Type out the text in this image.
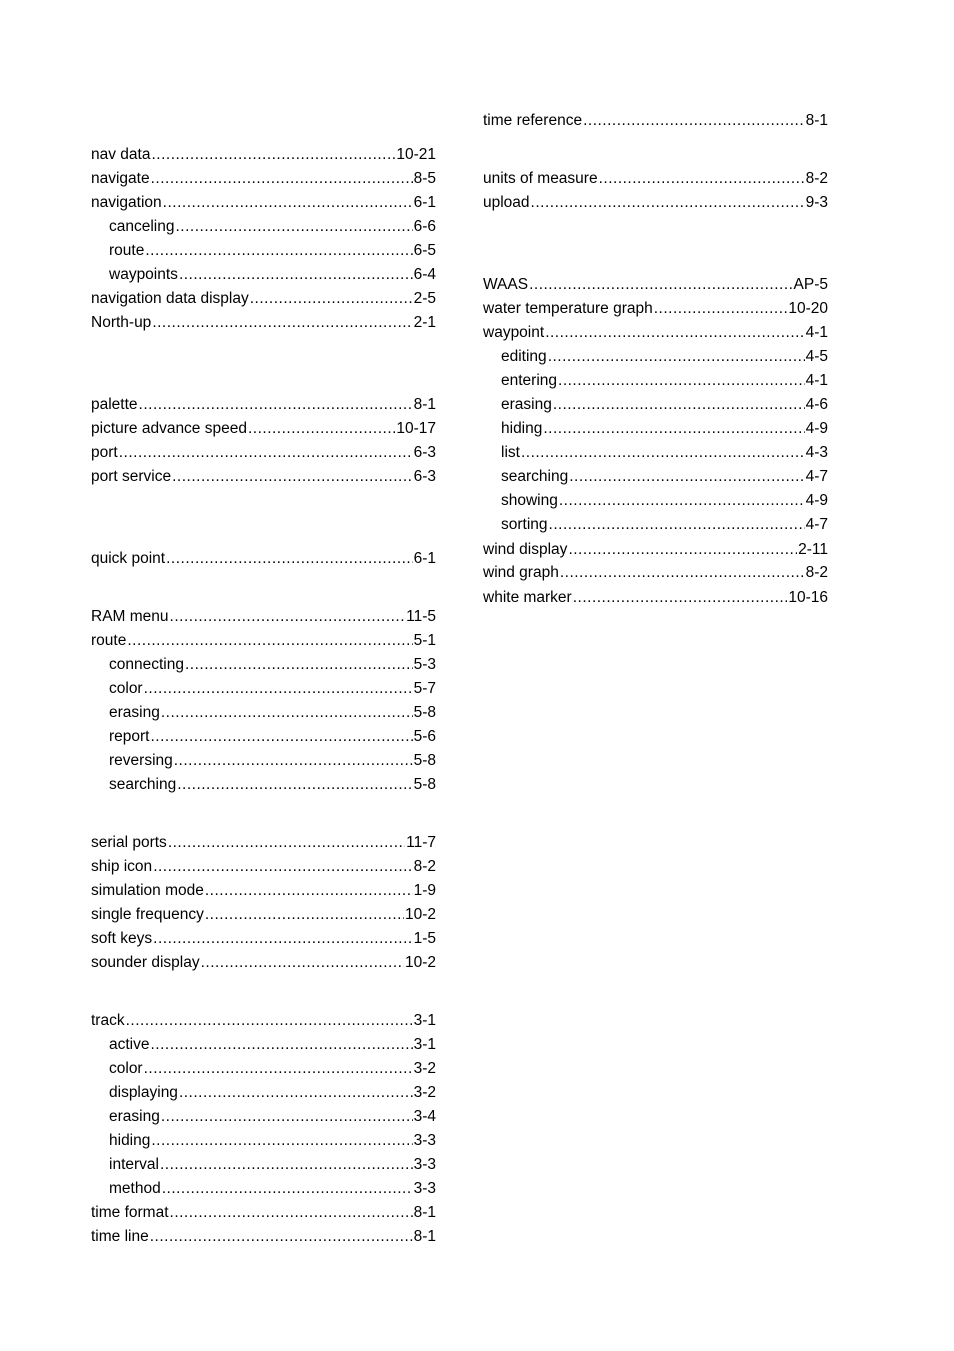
nav data .....	10-21
navigate .....	8-5
navigation .....	6-1
canceling .....	6-6
route .....	6-5
waypoints .....	6-4
navigation data display .....	2-5
North-up .....	2-1
palette .....	8-1
picture advance speed .....	10-17
port .....	6-3
port service .....	6-3
quick point .....	6-1
RAM menu .....	11-5
route .....	5-1
connecting .....	5-3
color .....	5-7
erasing .....	5-8
report .....	5-6
reversing .....	5-8
searching .....	5-8
serial ports .....	11-7
ship icon .....	8-2
simulation mode .....	1-9
single frequency .....	10-2
soft keys .....	1-5
sounder display .....	10-2
track .....	3-1
active .....	3-1
color .....	3-2
displaying .....	3-2
erasing .....	3-4
hiding .....	3-3
interval .....	3-3
method .....	3-3
time format .....	8-1
time line .....	8-1
time reference .....	8-1
units of measure .....	8-2
upload .....	9-3
WAAS .....	AP-5
water temperature graph .....	10-20
waypoint .....	4-1
editing .....	4-5
entering .....	4-1
erasing .....	4-6
hiding .....	4-9
list .....	4-3
searching .....	4-7
showing .....	4-9
sorting .....	4-7
wind display .....	2-11
wind graph .....	8-2
white marker .....	10-16
